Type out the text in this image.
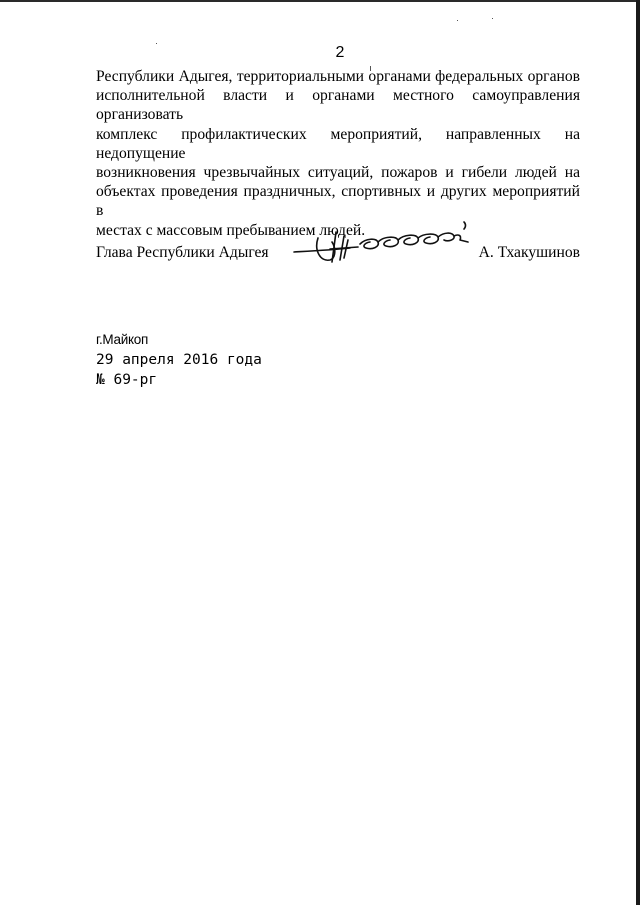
2
Республики Адыгея, территориальными органами федеральных органов
исполнительной власти и органами местного самоуправления организовать
комплекс профилактических мероприятий, направленных на недопущение
возникновения чрезвычайных ситуаций, пожаров и гибели людей на
объектах проведения праздничных, спортивных и других мероприятий в
местах с массовым пребыванием людей.
Глава Республики Адыгея	А. Тхакушинов
г.Майкоп
29 апреля 2016 года
№ 69-рг
